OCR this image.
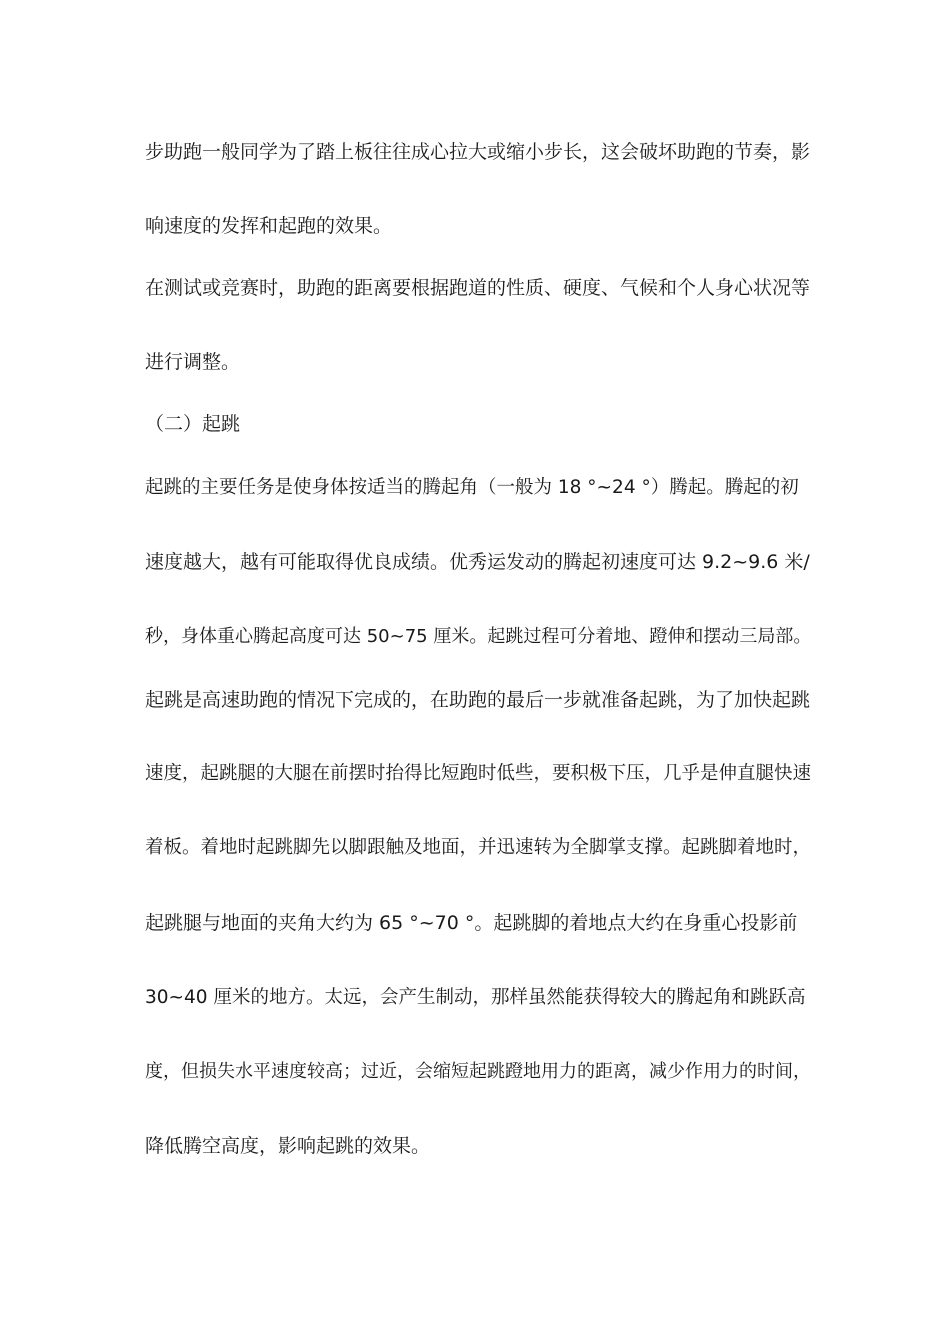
步助跑一般同学为了踏上板往往成心拉大或缩小步长，这会破坏助跑的节奏，影
响速度的发挥和起跑的效果。
在测试或竞赛时，助跑的距离要根据跑道的性质、硬度、气候和个人身心状况等
进行调整。
（二）起跳
起跳的主要任务是使身体按适当的腾起角（一般为 18 °~24 °）腾起。腾起的初
速度越大，越有可能取得优良成绩。优秀运发动的腾起初速度可达 9.2~9.6 米/
秒，身体重心腾起高度可达 50~75 厘米。起跳过程可分着地、蹬伸和摆动三局部。
起跳是高速助跑的情况下完成的，在助跑的最后一步就准备起跳，为了加快起跳
速度，起跳腿的大腿在前摆时抬得比短跑时低些，要积极下压，几乎是伸直腿快速
着板。着地时起跳脚先以脚跟触及地面，并迅速转为全脚掌支撑。起跳脚着地时，
起跳腿与地面的夹角大约为 65 °~70 °。起跳脚的着地点大约在身重心投影前
30~40 厘米的地方。太远，会产生制动，那样虽然能获得较大的腾起角和跳跃高
度，但损失水平速度较高；过近，会缩短起跳蹬地用力的距离，减少作用力的时间，
降低腾空高度，影响起跳的效果。
